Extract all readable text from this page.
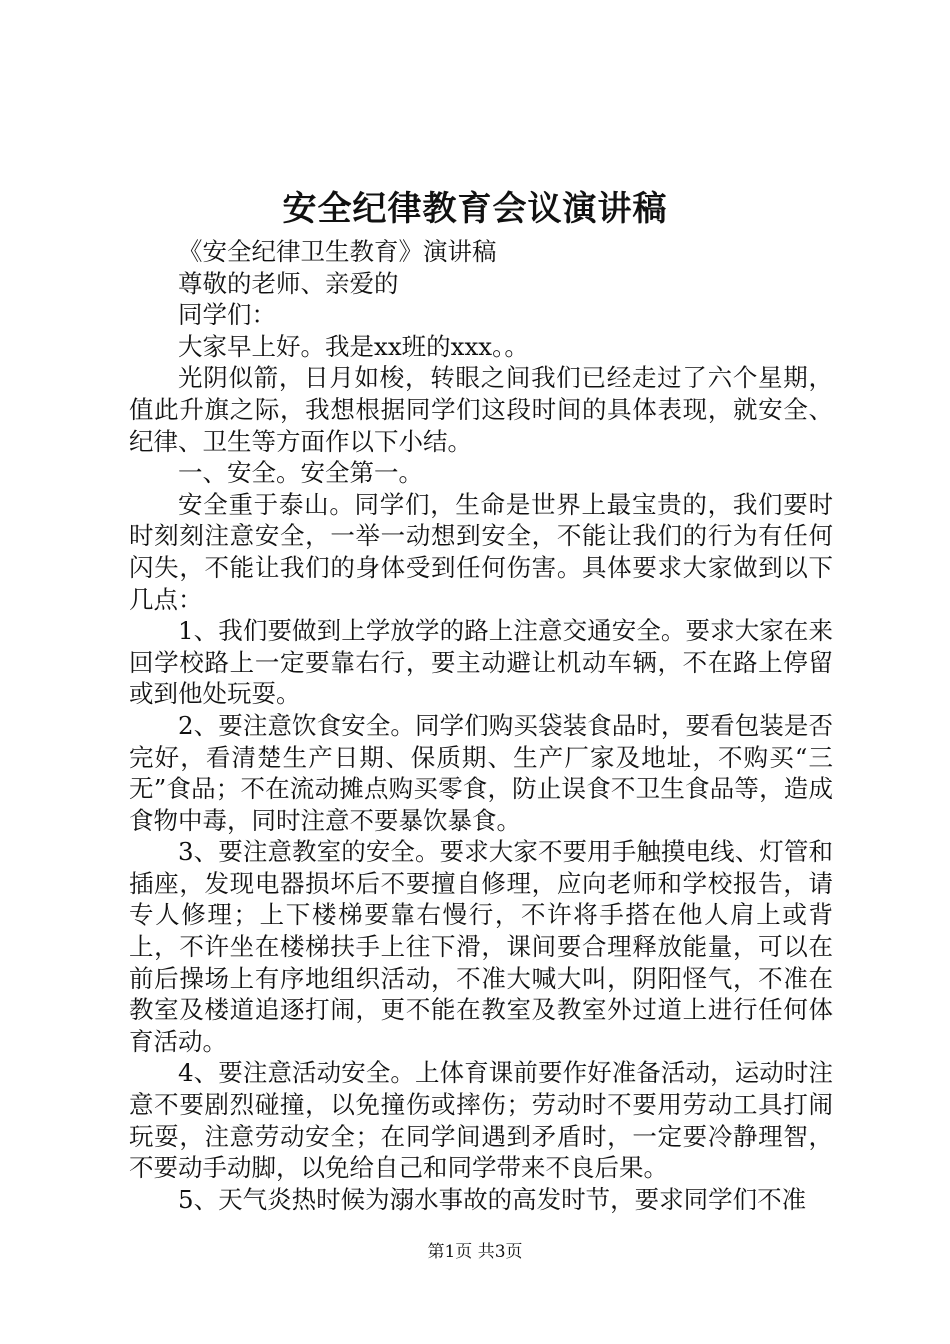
安全纪律教育会议演讲稿

《安全纪律卫生教育》演讲稿

尊敬的老师、亲爱的

同学们：

大家早上好。我是xx班的xxx。。

光阴似箭，日月如梭，转眼之间我们已经走过了六个星期，值此升旗之际，我想根据同学们这段时间的具体表现，就安全、纪律、卫生等方面作以下小结。

一、安全。安全第一。

安全重于泰山。同学们，生命是世界上最宝贵的，我们要时时刻刻注意安全，一举一动想到安全，不能让我们的行为有任何闪失，不能让我们的身体受到任何伤害。具体要求大家做到以下几点：

1、我们要做到上学放学的路上注意交通安全。要求大家在来回学校路上一定要靠右行，要主动避让机动车辆，不在路上停留或到他处玩耍。

2、要注意饮食安全。同学们购买袋装食品时，要看包装是否完好，看清楚生产日期、保质期、生产厂家及地址，不购买“三无”食品；不在流动摊点购买零食，防止误食不卫生食品等，造成食物中毒，同时注意不要暴饮暴食。

3、要注意教室的安全。要求大家不要用手触摸电线、灯管和插座，发现电器损坏后不要擅自修理，应向老师和学校报告，请专人修理；上下楼梯要靠右慢行，不许将手搭在他人肩上或背上，不许坐在楼梯扶手上往下滑，课间要合理释放能量，可以在前后操场上有序地组织活动，不准大喊大叫，阴阳怪气，不准在教室及楼道追逐打闹，更不能在教室及教室外过道上进行任何体育活动。

4、要注意活动安全。上体育课前要作好准备活动，运动时注意不要剧烈碰撞，以免撞伤或摔伤；劳动时不要用劳动工具打闹玩耍，注意劳动安全；在同学间遇到矛盾时，一定要冷静理智，不要动手动脚，以免给自己和同学带来不良后果。

5、天气炎热时候为溺水事故的高发时节，要求同学们不准

第1页 共3页
